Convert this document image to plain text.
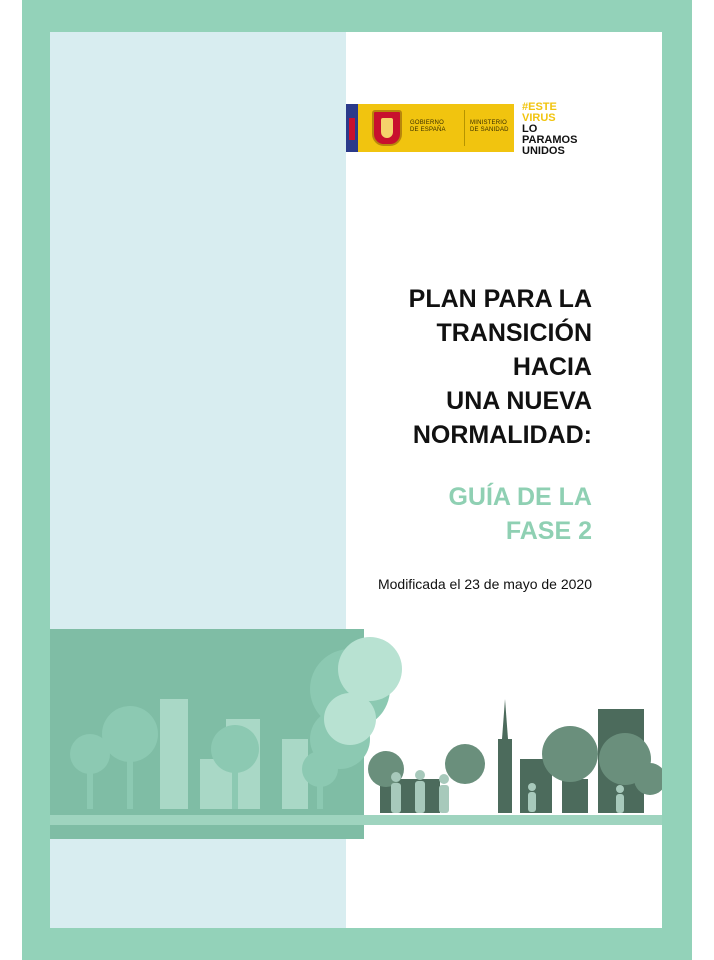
GOBIERNO
DE ESPAÑA
MINISTERIO
DE SANIDAD
#ESTE
VIRUS
LO
PARAMOS
UNIDOS
PLAN PARA LA
TRANSICIÓN
HACIA
UNA NUEVA
NORMALIDAD:
GUÍA DE LA
FASE 2
Modificada el 23 de mayo de 2020
